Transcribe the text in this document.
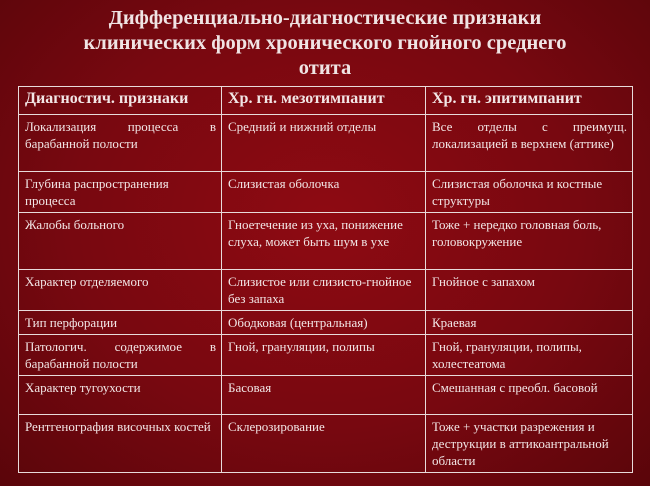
Дифференциально-диагностические признаки
клинических форм хронического гнойного среднего
отита
Диагностич. признаки	Хр. гн. мезотимпанит	Хр. гн. эпитимпанит
Локализация процесса в барабанной полости	Средний и нижний отделы	Все отделы с преимущ. локализацией в верхнем (аттике)
Глубина распространения процесса	Слизистая оболочка	Слизистая оболочка и костные структуры
Жалобы больного	Гноетечение из уха, понижение слуха, может быть шум в ухе	Тоже + нередко головная боль, головокружение
Характер отделяемого	Слизистое или слизисто-гнойное без запаха	Гнойное с запахом
Тип перфорации	Ободковая (центральная)	Краевая
Патологич. содержимое в барабанной полости	Гной, грануляции, полипы	Гной, грануляции, полипы, холестеатома
Характер тугоухости	Басовая	Смешанная с преобл. басовой
Рентгенография височных костей	Склерозирование	Тоже + участки разрежения и деструкции в аттикоантральной области
